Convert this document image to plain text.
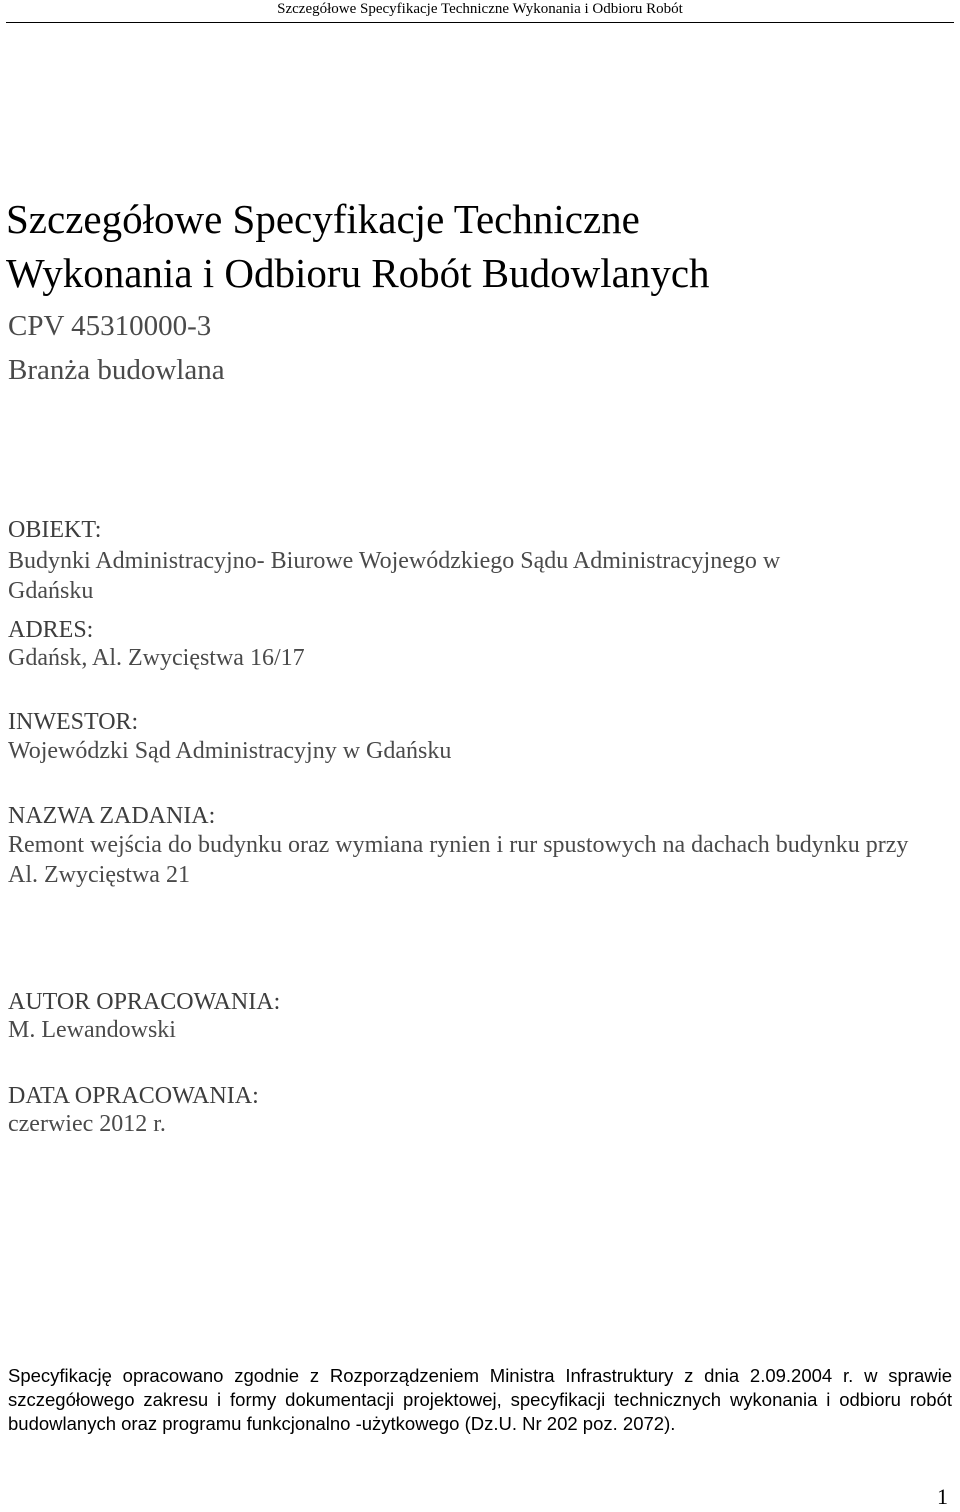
Szczegółowe Specyfikacje Techniczne Wykonania i Odbioru Robót
Szczegółowe Specyfikacje Techniczne
Wykonania i Odbioru Robót Budowlanych
CPV 45310000-3
Branża budowlana
OBIEKT:
Budynki Administracyjno- Biurowe Wojewódzkiego Sądu Administracyjnego w Gdańsku
ADRES:
Gdańsk, Al. Zwycięstwa 16/17
INWESTOR:
Wojewódzki Sąd Administracyjny w Gdańsku
NAZWA ZADANIA:
Remont wejścia do budynku oraz wymiana rynien i rur spustowych na dachach budynku przy Al. Zwycięstwa 21
AUTOR OPRACOWANIA:
M. Lewandowski
DATA OPRACOWANIA:
czerwiec 2012 r.
Specyfikację opracowano zgodnie z Rozporządzeniem Ministra Infrastruktury z dnia 2.09.2004 r. w sprawie szczegółowego zakresu i formy dokumentacji projektowej, specyfikacji technicznych wykonania i odbioru robót budowlanych oraz programu funkcjonalno -użytkowego (Dz.U. Nr 202 poz. 2072).
1
